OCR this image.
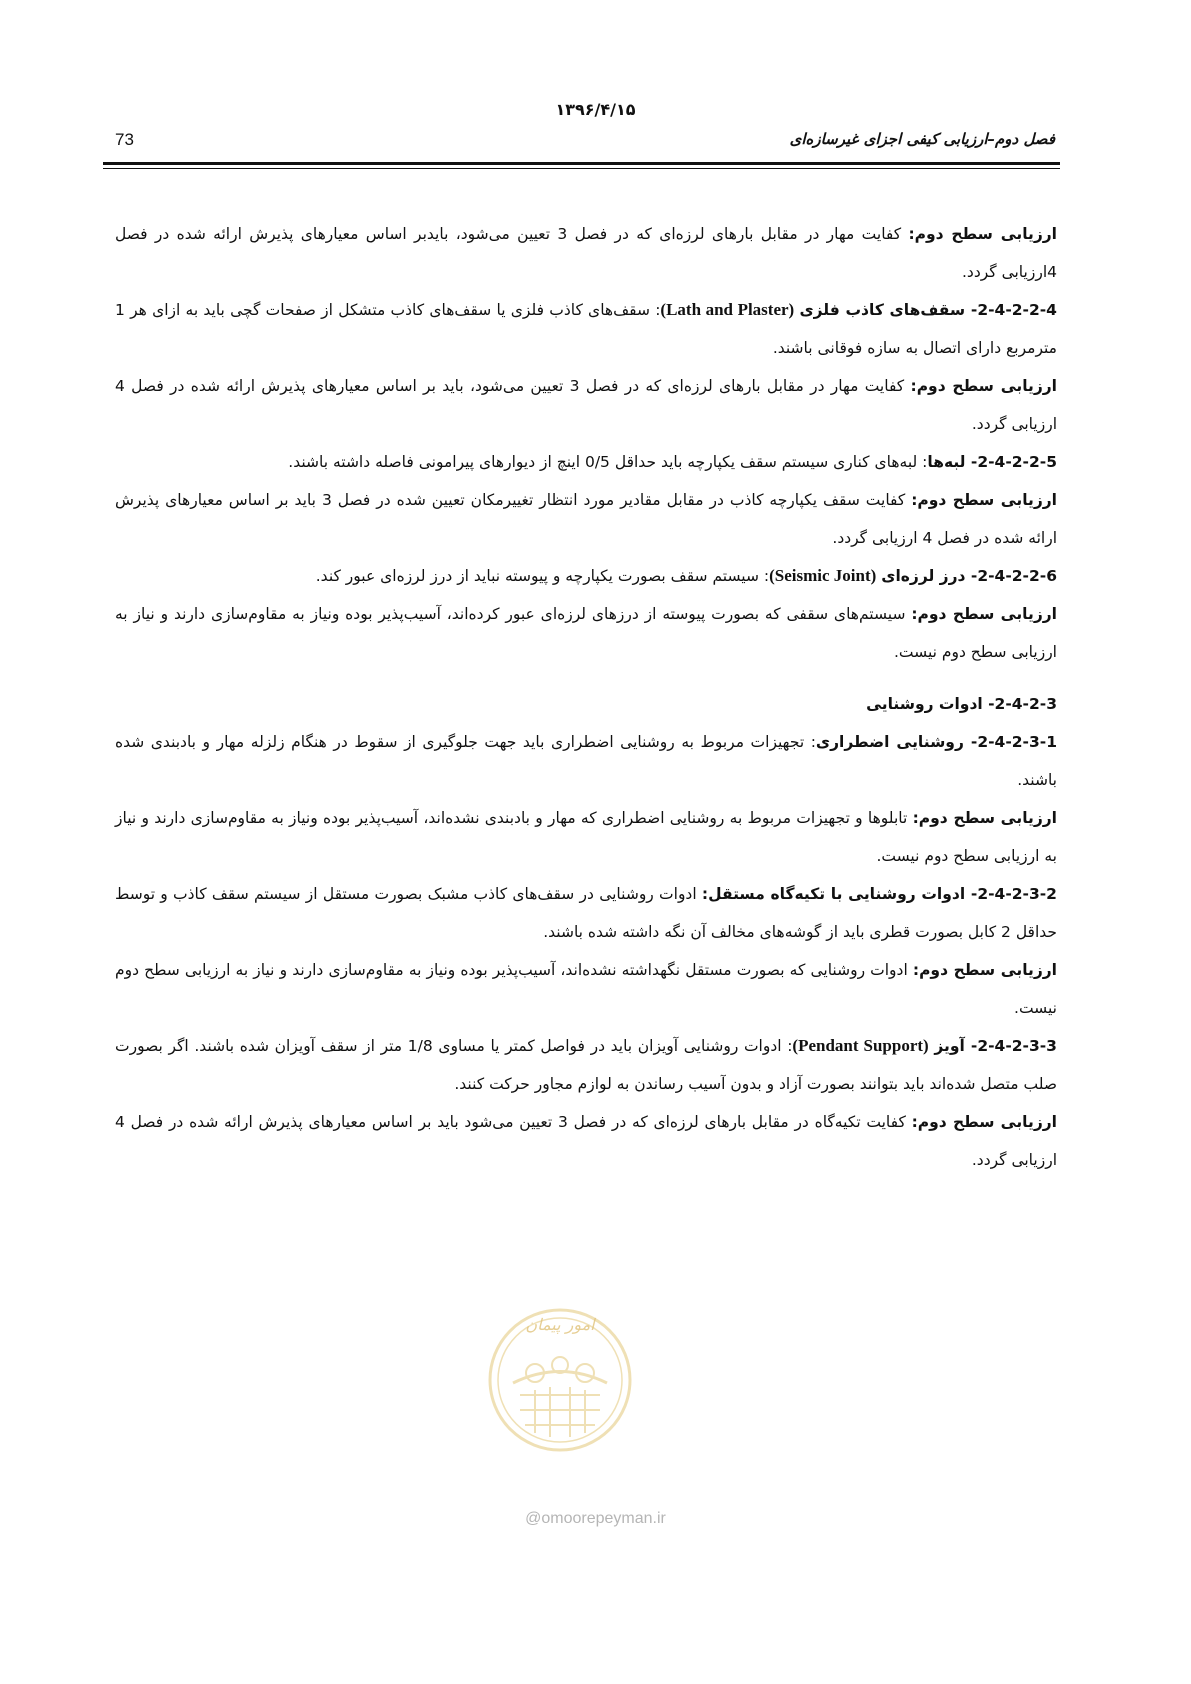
۱۳۹۶/۴/۱۵
73	فصل دوم–ارزیابی کیفی اجزای غیرسازه‌ای

ارزیابی سطح دوم: کفایت مهار در مقابل بارهای لرزه‌ای که در فصل 3 تعیین می‌شود، بایدبر اساس معیارهای پذیرش ارائه شده در فصل 4ارزیابی گردد.

2-4-2-2-4- سقف‌های کاذب فلزی (Lath and Plaster): سقف‌های کاذب فلزی یا سقف‌های کاذب متشکل از صفحات گچی باید به ازای هر 1 مترمربع دارای اتصال به سازه فوقانی باشند.

ارزیابی سطح دوم: کفایت مهار در مقابل بارهای لرزه‌ای که در فصل 3 تعیین می‌شود، باید بر اساس معیارهای پذیرش ارائه شده در فصل 4 ارزیابی گردد.

2-4-2-2-5- لبه‌ها: لبه‌های کناری سیستم سقف یکپارچه باید حداقل 0/5 اینچ از دیوارهای پیرامونی فاصله داشته باشند.

ارزیابی سطح دوم: کفایت سقف یکپارچه کاذب در مقابل مقادیر مورد انتظار تغییرمکان تعیین شده در فصل 3 باید بر اساس معیارهای پذیرش ارائه شده در فصل 4 ارزیابی گردد.

2-4-2-2-6- درز لرزه‌ای (Seismic Joint): سیستم سقف بصورت یکپارچه و پیوسته نباید از درز لرزه‌ای عبور کند.

ارزیابی سطح دوم: سیستم‌های سقفی که بصورت پیوسته از درزهای لرزه‌ای عبور کرده‌اند، آسیب‌پذیر بوده ونیاز به مقاوم‌سازی دارند و نیاز به ارزیابی سطح دوم نیست.

2-4-2-3- ادوات روشنایی

2-4-2-3-1- روشنایی اضطراری: تجهیزات مربوط به روشنایی اضطراری باید جهت جلوگیری از سقوط در هنگام زلزله مهار و بادبندی شده باشند.

ارزیابی سطح دوم: تابلوها و تجهیزات مربوط به روشنایی اضطراری که مهار و بادبندی نشده‌اند، آسیب‌پذیر بوده ونیاز به مقاوم‌سازی دارند و نیاز به ارزیابی سطح دوم نیست.

2-4-2-3-2- ادوات روشنایی با تکیه‌گاه مستقل: ادوات روشنایی در سقف‌های کاذب مشبک بصورت مستقل از سیستم سقف کاذب و توسط حداقل 2 کابل بصورت قطری باید از گوشه‌های مخالف آن نگه داشته شده باشند.

ارزیابی سطح دوم: ادوات روشنایی که بصورت مستقل نگهداشته نشده‌اند، آسیب‌پذیر بوده ونیاز به مقاوم‌سازی دارند و نیاز به ارزیابی سطح دوم نیست.

2-4-2-3-3- آویز (Pendant Support): ادوات روشنایی آویزان باید در فواصل کمتر یا مساوی 1/8 متر از سقف آویزان شده باشند. اگر بصورت صلب متصل شده‌اند باید بتوانند بصورت آزاد و بدون آسیب رساندن به لوازم مجاور حرکت کنند.

ارزیابی سطح دوم: کفایت تکیه‌گاه در مقابل بارهای لرزه‌ای که در فصل 3 تعیین می‌شود باید بر اساس معیارهای پذیرش ارائه شده در فصل 4 ارزیابی گردد.

امور پیمان
@omoorepeyman.ir
